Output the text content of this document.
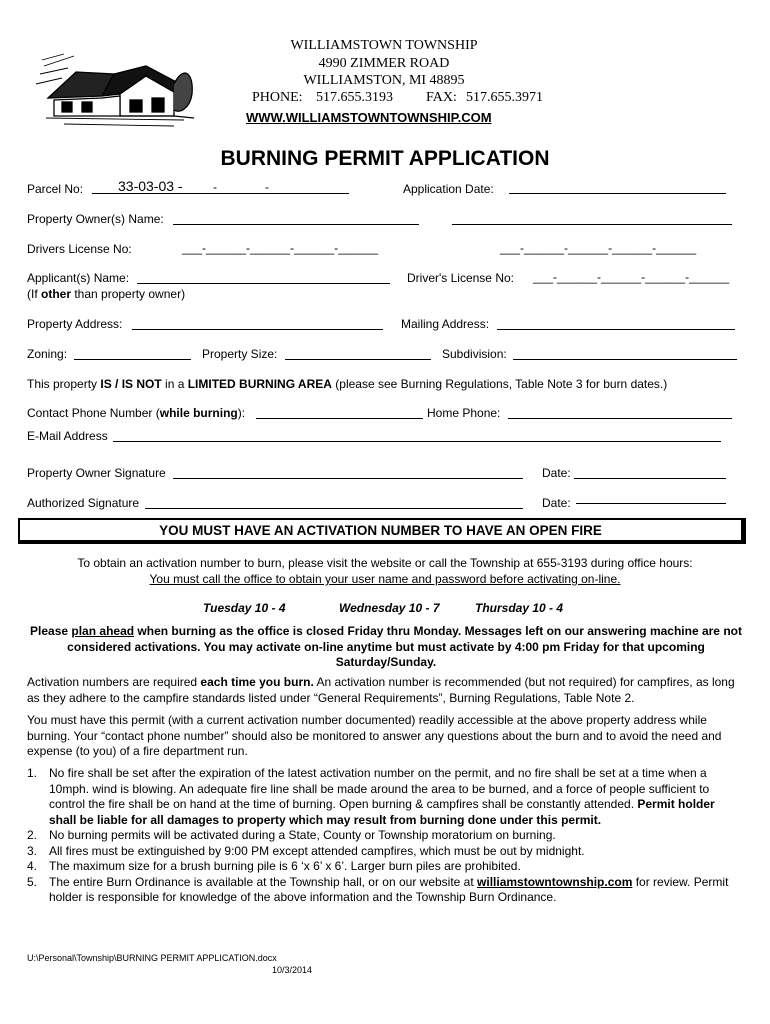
WILLIAMSTOWN TOWNSHIP
4990 ZIMMER ROAD
WILLIAMSTON, MI 48895
PHONE: 517.655.3193 FAX: 517.655.3971
WWW.WILLIAMSTOWNTOWNSHIP.COM
BURNING PERMIT APPLICATION
Parcel No: 33-03-03 -	-	-	Application Date:
Property Owner(s) Name:
Drivers License No:	___-______-______-______-______	___-______-______-______-______
Applicant(s) Name:
(If other than property owner)
Driver's License No: ___-______-______-______-______
Property Address:	Mailing Address:
Zoning:	Property Size:	Subdivision:
This property IS / IS NOT in a LIMITED BURNING AREA (please see Burning Regulations, Table Note 3 for burn dates.)
Contact Phone Number (while burning):	Home Phone:
E-Mail Address
Property Owner Signature	Date:
Authorized Signature	Date:
YOU MUST HAVE AN ACTIVATION NUMBER TO HAVE AN OPEN FIRE
To obtain an activation number to burn, please visit the website or call the Township at 655-3193 during office hours:
You must call the office to obtain your user name and password before activating on-line.
Tuesday 10 - 4	Wednesday 10 - 7	Thursday 10 - 4
Please plan ahead when burning as the office is closed Friday thru Monday. Messages left on our answering machine are not considered activations. You may activate on-line anytime but must activate by 4:00 pm Friday for that upcoming Saturday/Sunday.
Activation numbers are required each time you burn. An activation number is recommended (but not required) for campfires, as long as they adhere to the campfire standards listed under “General Requirements”, Burning Regulations, Table Note 2.
You must have this permit (with a current activation number documented) readily accessible at the above property address while burning. Your “contact phone number” should also be monitored to answer any questions about the burn and to avoid the need and expense (to you) of a fire department run.
1. No fire shall be set after the expiration of the latest activation number on the permit, and no fire shall be set at a time when a 10mph. wind is blowing. An adequate fire line shall be made around the area to be burned, and a force of people sufficient to control the fire shall be on hand at the time of burning. Open burning & campfires shall be constantly attended. Permit holder shall be liable for all damages to property which may result from burning done under this permit.
2. No burning permits will be activated during a State, County or Township moratorium on burning.
3. All fires must be extinguished by 9:00 PM except attended campfires, which must be out by midnight.
4. The maximum size for a brush burning pile is 6 ‘x 6’ x 6’. Larger burn piles are prohibited.
5. The entire Burn Ordinance is available at the Township hall, or on our website at williamstowntownship.com for review. Permit holder is responsible for knowledge of the above information and the Township Burn Ordinance.
U:\Personal\Township\BURNING PERMIT APPLICATION.docx
10/3/2014
